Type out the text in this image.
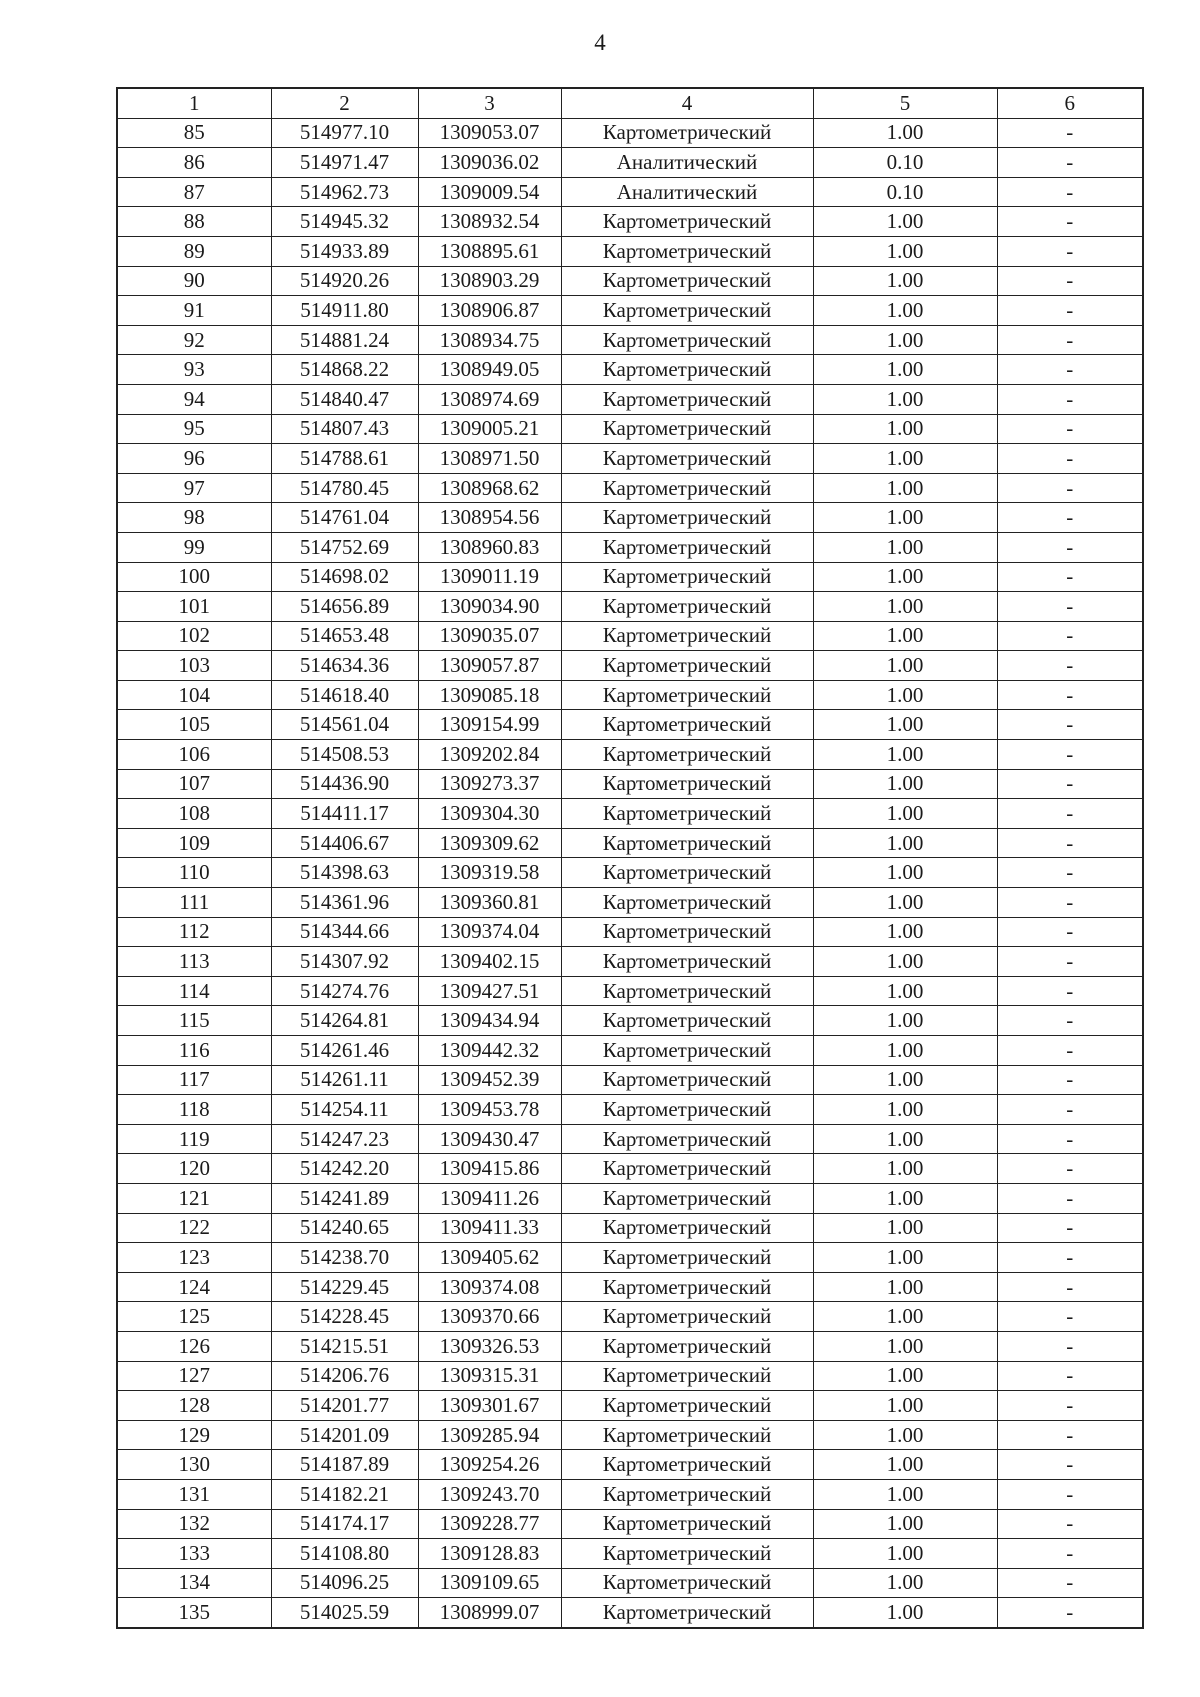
4
1	2	3	4	5	6
85	514977.10	1309053.07	Картометрический	1.00	-
86	514971.47	1309036.02	Аналитический	0.10	-
87	514962.73	1309009.54	Аналитический	0.10	-
88	514945.32	1308932.54	Картометрический	1.00	-
89	514933.89	1308895.61	Картометрический	1.00	-
90	514920.26	1308903.29	Картометрический	1.00	-
91	514911.80	1308906.87	Картометрический	1.00	-
92	514881.24	1308934.75	Картометрический	1.00	-
93	514868.22	1308949.05	Картометрический	1.00	-
94	514840.47	1308974.69	Картометрический	1.00	-
95	514807.43	1309005.21	Картометрический	1.00	-
96	514788.61	1308971.50	Картометрический	1.00	-
97	514780.45	1308968.62	Картометрический	1.00	-
98	514761.04	1308954.56	Картометрический	1.00	-
99	514752.69	1308960.83	Картометрический	1.00	-
100	514698.02	1309011.19	Картометрический	1.00	-
101	514656.89	1309034.90	Картометрический	1.00	-
102	514653.48	1309035.07	Картометрический	1.00	-
103	514634.36	1309057.87	Картометрический	1.00	-
104	514618.40	1309085.18	Картометрический	1.00	-
105	514561.04	1309154.99	Картометрический	1.00	-
106	514508.53	1309202.84	Картометрический	1.00	-
107	514436.90	1309273.37	Картометрический	1.00	-
108	514411.17	1309304.30	Картометрический	1.00	-
109	514406.67	1309309.62	Картометрический	1.00	-
110	514398.63	1309319.58	Картометрический	1.00	-
111	514361.96	1309360.81	Картометрический	1.00	-
112	514344.66	1309374.04	Картометрический	1.00	-
113	514307.92	1309402.15	Картометрический	1.00	-
114	514274.76	1309427.51	Картометрический	1.00	-
115	514264.81	1309434.94	Картометрический	1.00	-
116	514261.46	1309442.32	Картометрический	1.00	-
117	514261.11	1309452.39	Картометрический	1.00	-
118	514254.11	1309453.78	Картометрический	1.00	-
119	514247.23	1309430.47	Картометрический	1.00	-
120	514242.20	1309415.86	Картометрический	1.00	-
121	514241.89	1309411.26	Картометрический	1.00	-
122	514240.65	1309411.33	Картометрический	1.00	-
123	514238.70	1309405.62	Картометрический	1.00	-
124	514229.45	1309374.08	Картометрический	1.00	-
125	514228.45	1309370.66	Картометрический	1.00	-
126	514215.51	1309326.53	Картометрический	1.00	-
127	514206.76	1309315.31	Картометрический	1.00	-
128	514201.77	1309301.67	Картометрический	1.00	-
129	514201.09	1309285.94	Картометрический	1.00	-
130	514187.89	1309254.26	Картометрический	1.00	-
131	514182.21	1309243.70	Картометрический	1.00	-
132	514174.17	1309228.77	Картометрический	1.00	-
133	514108.80	1309128.83	Картометрический	1.00	-
134	514096.25	1309109.65	Картометрический	1.00	-
135	514025.59	1308999.07	Картометрический	1.00	-
